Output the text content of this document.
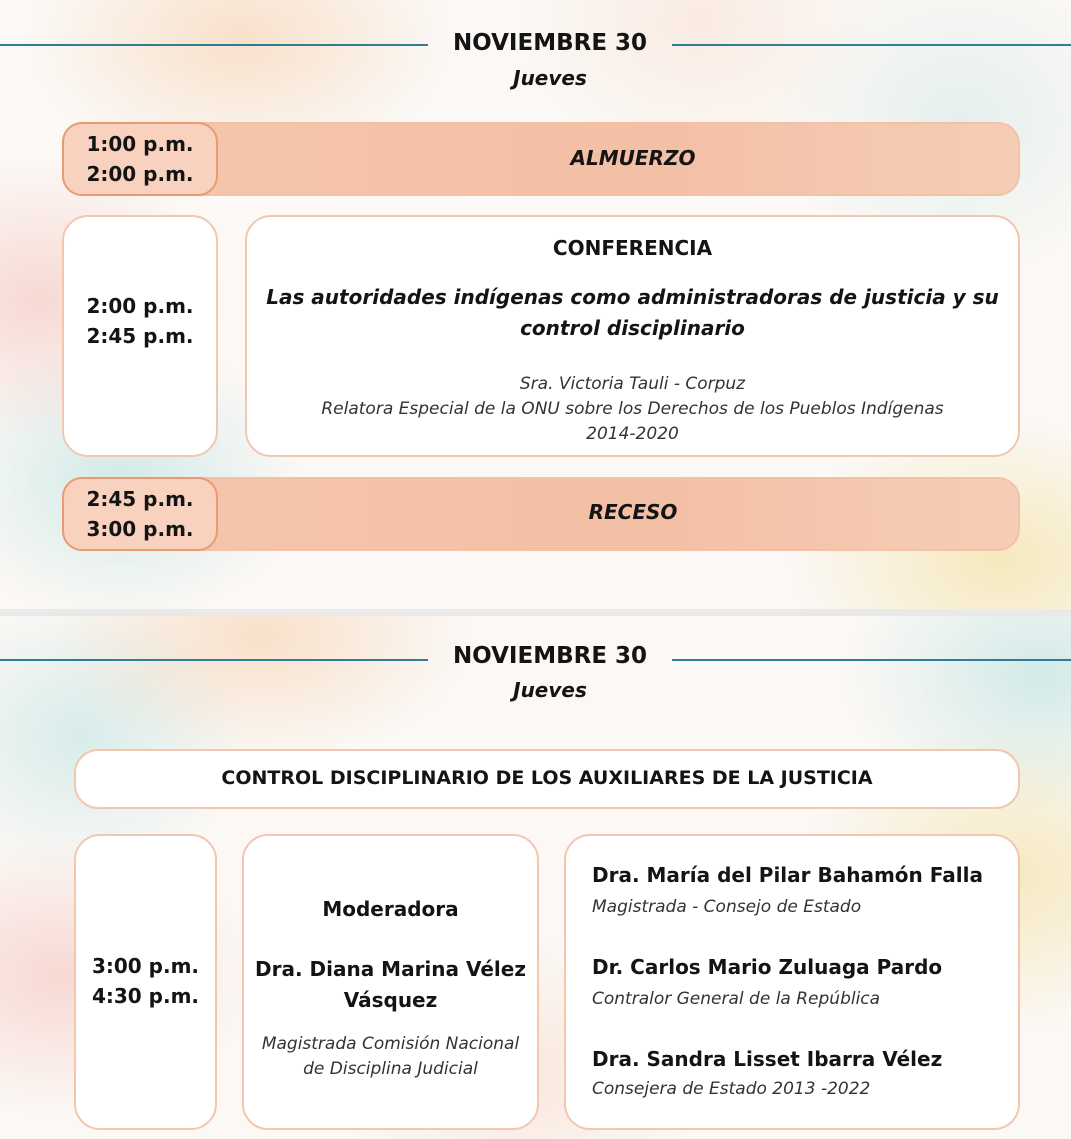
NOVIEMBRE 30
Jueves
1:00 p.m.
2:00 p.m.
ALMUERZO
2:00 p.m.
2:45 p.m.
CONFERENCIA
Las autoridades indígenas como administradoras de justicia y su
control disciplinario
Sra. Victoria Tauli - Corpuz
Relatora Especial de la ONU sobre los Derechos de los Pueblos Indígenas
2014-2020
2:45 p.m.
3:00 p.m.
RECESO
NOVIEMBRE 30
Jueves
CONTROL DISCIPLINARIO DE LOS AUXILIARES DE LA JUSTICIA
3:00 p.m.
4:30 p.m.
Moderadora
Dra. Diana Marina Vélez
Vásquez
Magistrada Comisión Nacional
de Disciplina Judicial
Dra. María del Pilar Bahamón Falla
Magistrada - Consejo de Estado
Dr. Carlos Mario Zuluaga Pardo
Contralor General de la República
Dra. Sandra Lisset Ibarra Vélez
Consejera de Estado 2013 -2022
